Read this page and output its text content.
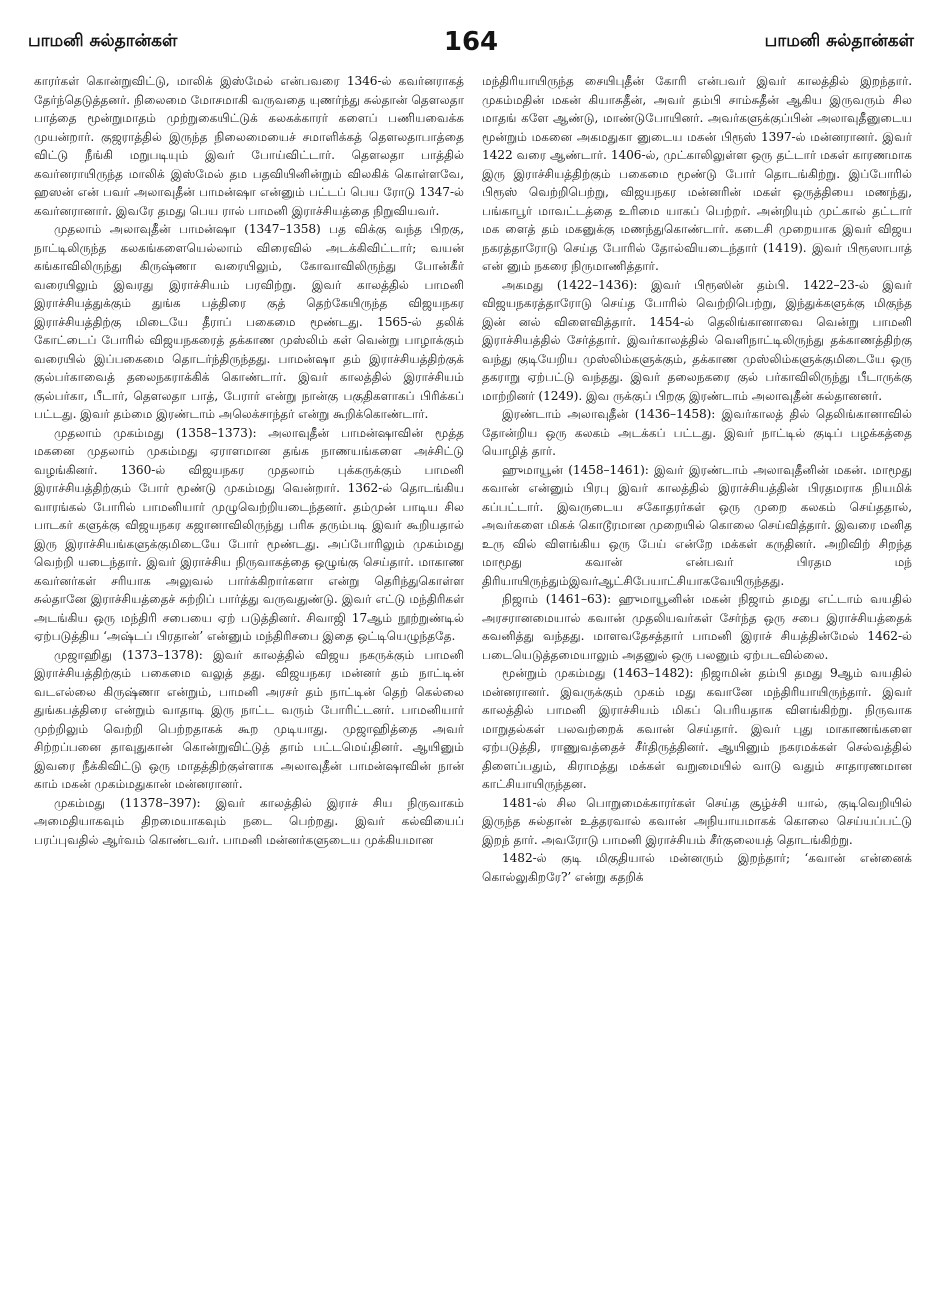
பாமனி சுல்தான்கள்	164	பாமனி சுல்தான்கள்

காரர்கள் கொன்றுவிட்டு, மாலிக் இஸ்மேல் என்பவரை 1346-ல் கவர்னராகத் தேர்ந்தெடுத்தனர். நிலைமை மோசமாகி வருவதை யுணர்ந்து சுல்தான் தௌலதா பாத்தை மூன்றுமாதம் முற்றுகையிட்டுக் கலகக்காரர் களைப் பணியவைக்க முயன்றார். குஜராத்தில் இருந்த நிலைமையைச் சமாளிக்கத் தௌலதாபாத்தை விட்டு நீங்கி மறுபடியும் இவர் போய்விட்டார். தௌலதா பாத்தில் கவர்னராயிருந்த மாலிக் இஸ்மேல் தம பதவியினின்றும் விலகிக் கொள்ளவே, ஹஸன் என் பவர் அலாவுதீன் பாமன்ஷா என்னும் பட்டப் பெய ரோடு 1347-ல் கவர்னரானார். இவரே தமது பெய ரால் பாமனி இராச்சியத்தை நிறுவியவர்.

முதலாம் அலாவுதீன் பாமன்ஷா (1347–1358) பத விக்கு வந்த பிறகு, நாட்டிலிருந்த கலகங்களையெல்லாம் விரைவில் அடக்கிவிட்டார்; வயன் கங்காவிலிருந்து கிருஷ்ணா வரையிலும், கோவாவிலிருந்து போன்கீர் வரையிலும் இவரது இராச்சியம் பரவிற்று. இவர் காலத்தில் பாமனி இராச்சியத்துக்கும் துங்க பத்திரை குத் தெற்கேயிருந்த விஜயநகர இராச்சியத்திற்கு மிடையே தீராப் பகைமை மூண்டது. 1565-ல் தலிக் கோட்டைப் போரில் விஜயநகரைத் தக்காண முஸ்லிம் கள் வென்று பாழாக்கும் வரையில் இப்பகைமை தொடர்ந்திருந்தது. பாமன்ஷா தம் இராச்சியத்திற்குக் குல்பர்காவைத் தலைநகராக்கிக் கொண்டார். இவர் காலத்தில் இராச்சியம் குல்பர்கா, பீடார், தௌலதா பாத், பேரார் என்று நான்கு பகுதிகளாகப் பிரிக்கப் பட்டது. இவர் தம்மை இரண்டாம் அலெக்சாந்தர் என்று கூறிக்கொண்டார்.

முதலாம் முகம்மது (1358–1373): அலாவுதீன் பாமன்ஷாவின் மூத்த மகனை முதலாம் முகம்மது ஏராளமான தங்க நாணயங்களை அச்சிட்டு வழங்கினர். 1360-ல் விஜயநகர முதலாம் புக்கருக்கும் பாமனி இராச்சியத்திற்கும் போர் மூண்டு முகம்மது வென்றார். 1362-ல் தொடங்கிய வாரங்கல் போரில் பாமனியார் முழுவெற்றியடைந்தனர். தம்முன் பாடிய சில பாடகர் களுக்கு விஜயநகர கஜானாவிலிருந்து பரிசு தரும்படி இவர் கூறியதால் இரு இராச்சியங்களுக்குமிடையே போர் மூண்டது. அப்போரிலும் முகம்மது வெற்றி யடைந்தார். இவர் இராச்சிய நிருவாகத்தை ஒழுங்கு செய்தார். மாகாண கவர்னர்கள் சரியாக அலுவல் பார்க்கிறார்களா என்று தெரிந்துகொள்ள சுல்தானே இராச்சியத்தைச் சுற்றிப் பார்த்து வருவதுண்டு. இவர் எட்டு மந்திரிகள் அடங்கிய ஒரு மந்திரி சபையை ஏற் படுத்தினர். சிவாஜி 17ஆம் நூற்றுண்டில் ஏற்படுத்திய ‘அஷ்டப் பிரதான்’ என்னும் மந்திரிசபை இதை ஒட்டியெழுந்ததே.

முஜாஹிது (1373–1378): இவர் காலத்தில் விஜய நகருக்கும் பாமனி இராச்சியத்திற்கும் பகைமை வலுத் தது. விஜயநகர மன்னர் தம் நாட்டின் வடஎல்லை கிருஷ்ணா என்றும், பாமனி அரசர் தம் நாட்டின் தெற் கெல்லை துங்கபத்திரை என்றும் வாதாடி இரு நாட்ட வரும் போரிட்டனர். பாமனியார் முற்றிலும் வெற்றி பெற்றதாகக் கூற முடியாது. முஜாஹித்தை அவர் சிற்றப்பனை தாவுதுகான் கொன்றுவிட்டுத் தாம் பட்டமெய்தினர். ஆயினும் இவரை நீக்கிவிட்டு ஒரு மாதத்திற்குள்ளாக அலாவுதீன் பாமன்ஷாவின் நான் காம் மகன் முகம்மதுகான் மன்னரானர்.

முகம்மது (11378–397): இவர் காலத்தில் இராச் சிய நிருவாகம் அமைதியாகவும் திறமையாகவும் நடை பெற்றது. இவர் கல்வியைப் பரப்புவதில் ஆர்வம் கொண்டவர். பாமனி மன்னர்களுடைய முக்கியமான

மந்திரியாயிருந்த சையிபுதீன் கோரி என்பவர் இவர் காலத்தில் இறந்தார். முகம்மதின் மகன் கியாசுதீன், அவர் தம்பி சாம்சுதீன் ஆகிய இருவரும் சில மாதங் களே ஆண்டு, மாண்டுபோயினர். அவர்களுக்குப்பின் அலாவுதீனுடைய மூன்றும் மகனை அகமதுகா னுடைய மகன் பிரூஸ் 1397-ல் மன்னரானர். இவர் 1422 வரை ஆண்டார். 1406-ல், முட்காலிலுள்ள ஒரு தட்டார் மகள் காரணமாக இரு இராச்சியத்திற்கும் பகைமை மூண்டு போர் தொடங்கிற்று. இப்போரில் பிரூஸ் வெற்றிபெற்று, விஜயநகர மன்னரின் மகள் ஒருத்தியை மணந்து, பங்காபூர் மாவட்டத்தை உரிமை யாகப் பெற்றர். அன்றியும் முட்கால் தட்டார் மக ளைத் தம் மகனுக்கு மணந்துகொண்டார். கடைசி முறையாக இவர் விஜய நகரத்தாரோடு செய்த போரில் தோல்வியடைந்தார் (1419). இவர் பிரூஸாபாத் என் னும் நகரை நிருமாணித்தார்.

அகமது (1422–1436): இவர் பிரூஸின் தம்பி. 1422–23-ல் இவர் விஜயநகரத்தாரோடு செய்த போரில் வெற்றிபெற்று, இந்துக்களுக்கு மிகுந்த இன் னல் விளைவித்தார். 1454-ல் தெலிங்கானாவை வென்று பாமனி இராச்சியத்தில் சேர்த்தார். இவர்காலத்தில் வெளிநாட்டிலிருந்து தக்காணத்திற்கு வந்து குடியேறிய முஸ்லிம்களுக்கும், தக்காண முஸ்லிம்களுக்குமிடையே ஒரு தகராறு ஏற்பட்டு வந்தது. இவர் தலைநகரை குல் பர்காவிலிருந்து பீடாருக்கு மாற்றினர் (1249). இவ ருக்குப் பிறகு இரண்டாம் அலாவுதீன் சுல்தானனர்.

இரண்டாம் அலாவுதீன் (1436–1458): இவர்காலத் தில் தெலிங்கானாவில் தோன்றிய ஒரு கலகம் அடக்கப் பட்டது. இவர் நாட்டில் குடிப் பழக்கத்தை யொழித் தார்.

ஹுமாயூன் (1458–1461): இவர் இரண்டாம் அலாவுதீனின் மகன். மாமூது கவான் என்னும் பிரபு இவர் காலத்தில் இராச்சியத்தின் பிரதமராக நியமிக் கப்பட்டார். இவருடைய சகோதரர்கள் ஒரு முறை கலகம் செய்ததால், அவர்களை மிகக் கொடூரமான முறையில் கொலை செய்வித்தார். இவரை மனித உரு வில் விளங்கிய ஒரு பேய் என்றே மக்கள் கருதினர். அறிவிற் சிறந்த மாமூது கவான் என்பவர் பிரதம மந் திரியாயிருந்தும்இவர்ஆட்சிபேயாட்சியாகவேயிருந்தது.

நிஜாம் (1461–63): ஹுமாயூனின் மகன் நிஜாம் தமது எட்டாம் வயதில் அரசரானமையால் கவான் முதலியவர்கள் சேர்ந்த ஒரு சபை இராச்சியத்தைக் கவனித்து வந்தது. மாளவதேசத்தார் பாமனி இராச் சியத்தின்மேல் 1462-ல் படையெடுத்தமையாலும் அதனுல் ஒரு பலனும் ஏற்படவில்லை.

மூன்றும் முகம்மது (1463–1482): நிஜாமின் தம்பி தமது 9ஆம் வயதில் மன்னரானர். இவருக்கும் முகம் மது கவானே மந்திரியாயிருந்தார். இவர் காலத்தில் பாமனி இராச்சியம் மிகப் பெரியதாக விளங்கிற்று. நிருவாக மாறுதல்கள் பலவற்றைக் கவான் செய்தார். இவர் புது மாகாணங்களை ஏற்படுத்தி, ராணுவத்தைச் சீர்திருத்தினர். ஆயினும் நகரமக்கள் செல்வத்தில் திளைப்பதும், கிராமத்து மக்கள் வறுமையில் வாடு வதும் சாதாரணமான காட்சியாயிருந்தன.

1481-ல் சில பொறுமைக்காரர்கள் செய்த சூழ்ச்சி யால், குடிவெறியில் இருந்த சுல்தான் உத்தரவால் கவான் அநியாயமாகக் கொலை செய்யப்பட்டு இறந் தார். அவரோடு பாமனி இராச்சியம் சீர்குலையத் தொடங்கிற்று.

1482-ல் குடி மிகுதியால் மன்னரும் இறந்தார்; ‘கவான் என்னைக் கொல்லுகிறரே?’ என்று கதறிக்
